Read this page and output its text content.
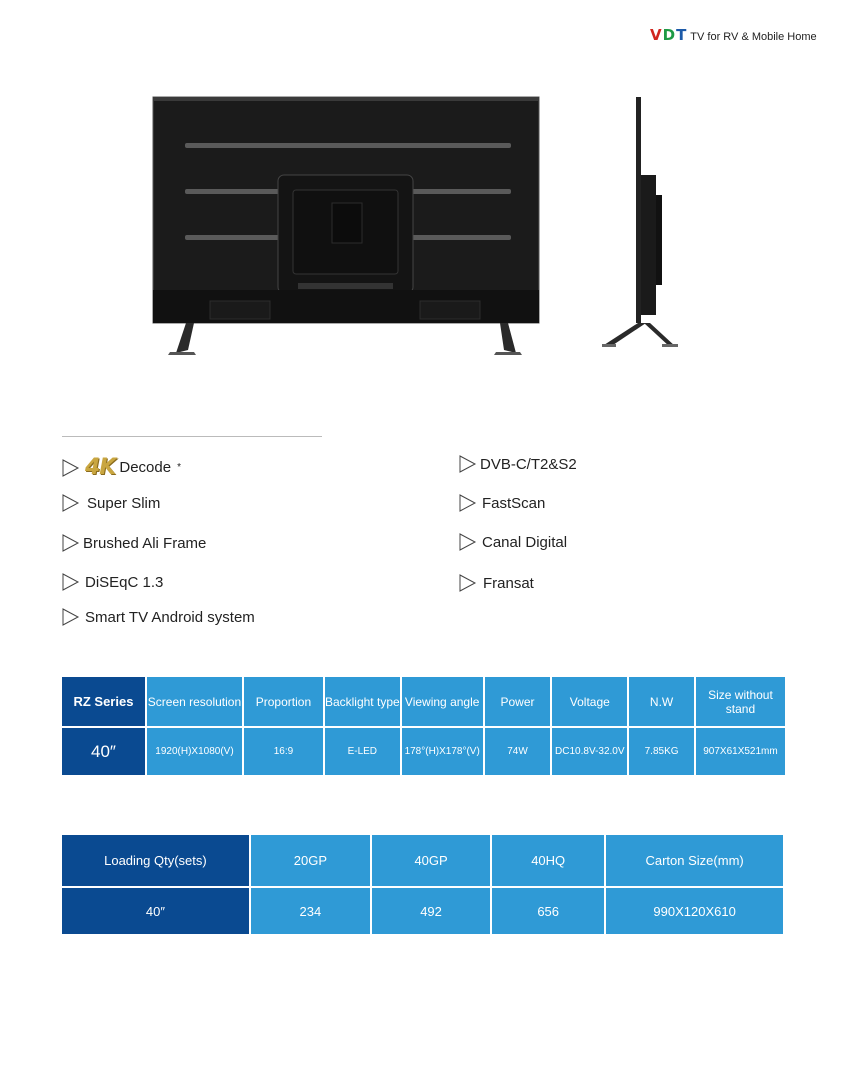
VDT TV for RV & Mobile Home
4K Decode *
Super Slim
Brushed Ali Frame
DiSEqC 1.3
Smart TV Android system
DVB-C/T2&S2
FastScan
Canal Digital
Fransat
RZ Series	Screen resolution	Proportion	Backlight type	Viewing angle	Power	Voltage	N.W	Size without stand
40″	1920(H)X1080(V)	16:9	E-LED	178°(H)X178°(V)	74W	DC10.8V-32.0V	7.85KG	907X61X521mm
Loading Qty(sets)	20GP	40GP	40HQ	Carton Size(mm)
40″	234	492	656	990X120X610
